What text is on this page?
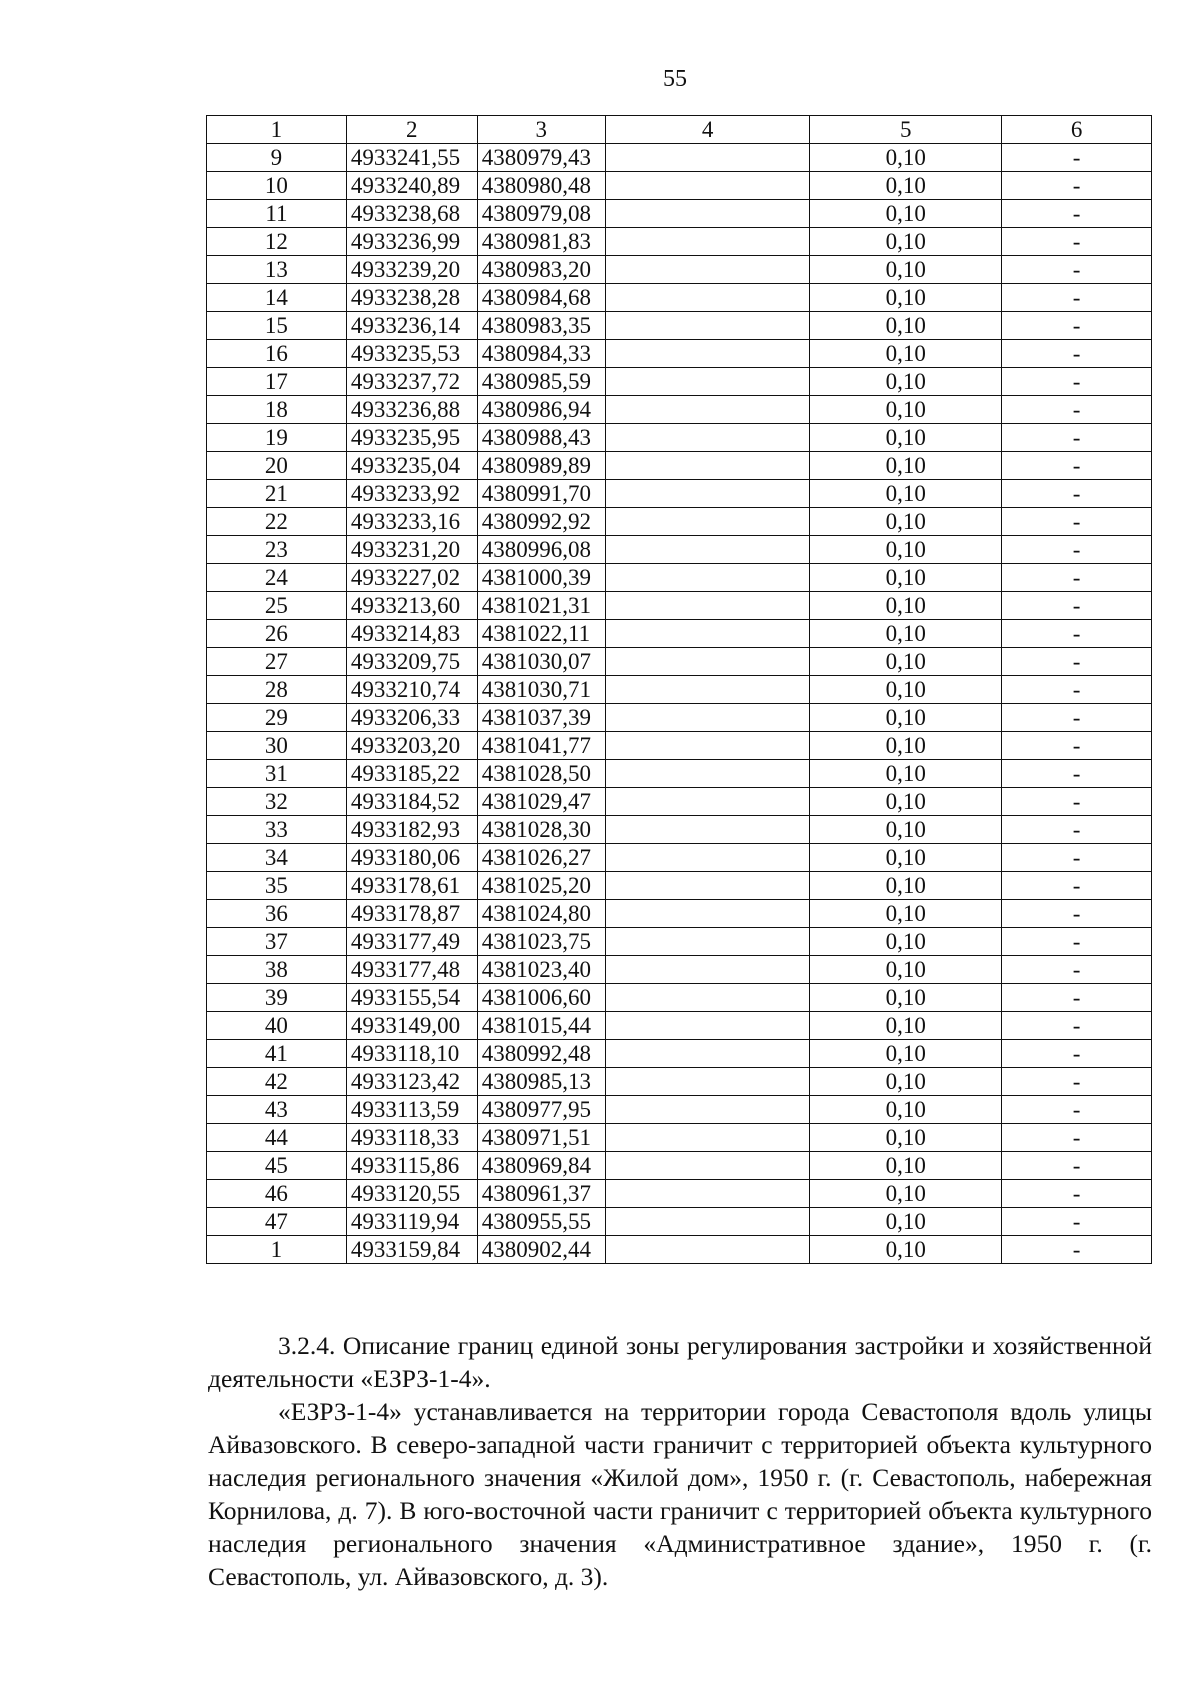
55
1	2	3	4	5	6
9	4933241,55	4380979,43		0,10	-
10	4933240,89	4380980,48		0,10	-
11	4933238,68	4380979,08		0,10	-
12	4933236,99	4380981,83		0,10	-
13	4933239,20	4380983,20		0,10	-
14	4933238,28	4380984,68		0,10	-
15	4933236,14	4380983,35		0,10	-
16	4933235,53	4380984,33		0,10	-
17	4933237,72	4380985,59		0,10	-
18	4933236,88	4380986,94		0,10	-
19	4933235,95	4380988,43		0,10	-
20	4933235,04	4380989,89		0,10	-
21	4933233,92	4380991,70		0,10	-
22	4933233,16	4380992,92		0,10	-
23	4933231,20	4380996,08		0,10	-
24	4933227,02	4381000,39		0,10	-
25	4933213,60	4381021,31		0,10	-
26	4933214,83	4381022,11		0,10	-
27	4933209,75	4381030,07		0,10	-
28	4933210,74	4381030,71		0,10	-
29	4933206,33	4381037,39		0,10	-
30	4933203,20	4381041,77		0,10	-
31	4933185,22	4381028,50		0,10	-
32	4933184,52	4381029,47		0,10	-
33	4933182,93	4381028,30		0,10	-
34	4933180,06	4381026,27		0,10	-
35	4933178,61	4381025,20		0,10	-
36	4933178,87	4381024,80		0,10	-
37	4933177,49	4381023,75		0,10	-
38	4933177,48	4381023,40		0,10	-
39	4933155,54	4381006,60		0,10	-
40	4933149,00	4381015,44		0,10	-
41	4933118,10	4380992,48		0,10	-
42	4933123,42	4380985,13		0,10	-
43	4933113,59	4380977,95		0,10	-
44	4933118,33	4380971,51		0,10	-
45	4933115,86	4380969,84		0,10	-
46	4933120,55	4380961,37		0,10	-
47	4933119,94	4380955,55		0,10	-
1	4933159,84	4380902,44		0,10	-

3.2.4. Описание границ единой зоны регулирования застройки и хозяйственной деятельности «ЕЗРЗ-1-4».

«ЕЗРЗ-1-4» устанавливается на территории города Севастополя вдоль улицы Айвазовского. В северо-западной части граничит с территорией объекта культурного наследия регионального значения «Жилой дом», 1950 г. (г. Севастополь, набережная Корнилова, д. 7). В юго-восточной части граничит с территорией объекта культурного наследия регионального значения «Административное здание», 1950 г. (г. Севастополь, ул. Айвазовского, д. 3).
